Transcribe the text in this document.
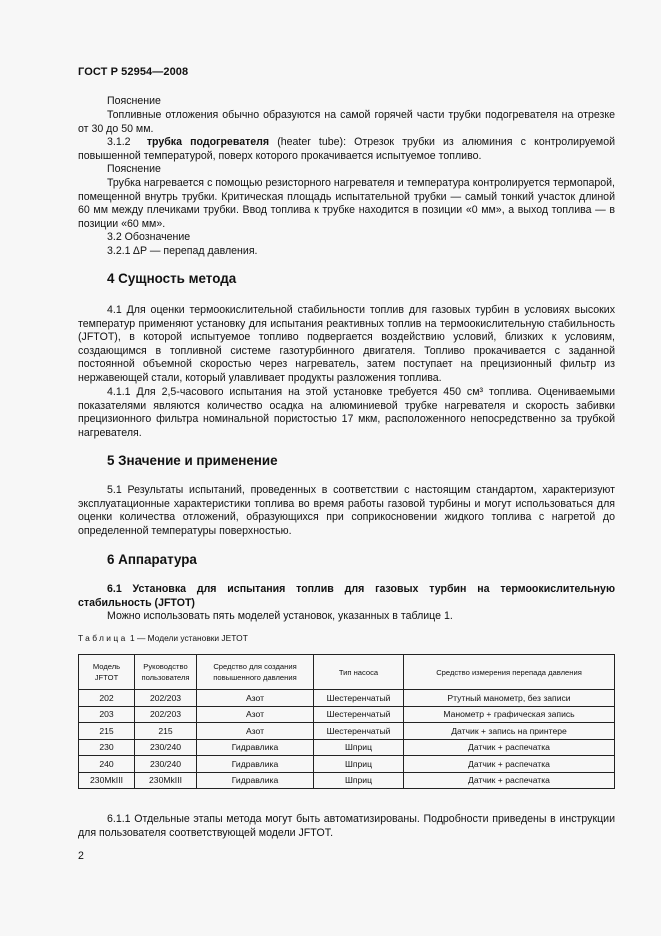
ГОСТ Р 52954—2008
Пояснение
Топливные отложения обычно образуются на самой горячей части трубки подогревателя на отрезке от 30 до 50 мм.
3.1.2 трубка подогревателя (heater tube): Отрезок трубки из алюминия с контролируемой повышенной температурой, поверх которого прокачивается испытуемое топливо.
Пояснение
Трубка нагревается с помощью резисторного нагревателя и температура контролируется термопарой, помещенной внутрь трубки. Критическая площадь испытательной трубки — самый тонкий участок длиной 60 мм между плечиками трубки. Ввод топлива к трубке находится в позиции «0 мм», а выход топлива — в позиции «60 мм».
3.2 Обозначение
3.2.1 ΔP — перепад давления.
4 Сущность метода
4.1 Для оценки термоокислительной стабильности топлив для газовых турбин в условиях высоких температур применяют установку для испытания реактивных топлив на термоокислительную стабильность (JFTOT), в которой испытуемое топливо подвергается воздействию условий, близких к условиям, создающимся в топливной системе газотурбинного двигателя. Топливо прокачивается с заданной постоянной объемной скоростью через нагреватель, затем поступает на прецизионный фильтр из нержавеющей стали, который улавливает продукты разложения топлива.
4.1.1 Для 2,5-часового испытания на этой установке требуется 450 см³ топлива. Оцениваемыми показателями являются количество осадка на алюминиевой трубке нагревателя и скорость забивки прецизионного фильтра номинальной пористостью 17 мкм, расположенного непосредственно за трубкой нагревателя.
5 Значение и применение
5.1 Результаты испытаний, проведенных в соответствии с настоящим стандартом, характеризуют эксплуатационные характеристики топлива во время работы газовой турбины и могут использоваться для оценки количества отложений, образующихся при соприкосновении жидкого топлива с нагретой до определенной температуры поверхностью.
6 Аппаратура
6.1 Установка для испытания топлив для газовых турбин на термоокислительную стабильность (JFTOT)
Можно использовать пять моделей установок, указанных в таблице 1.
Таблица 1 — Модели установки JETOT
Модель JFTOT	Руководство пользователя	Средство для создания повышенного давления	Тип насоса	Средство измерения перепада давления
202	202/203	Азот	Шестеренчатый	Ртутный манометр, без записи
203	202/203	Азот	Шестеренчатый	Манометр + графическая запись
215	215	Азот	Шестеренчатый	Датчик + запись на принтере
230	230/240	Гидравлика	Шприц	Датчик + распечатка
240	230/240	Гидравлика	Шприц	Датчик + распечатка
230MkIII	230MkIII	Гидравлика	Шприц	Датчик + распечатка
6.1.1 Отдельные этапы метода могут быть автоматизированы. Подробности приведены в инструкции для пользователя соответствующей модели JFTOT.
2
